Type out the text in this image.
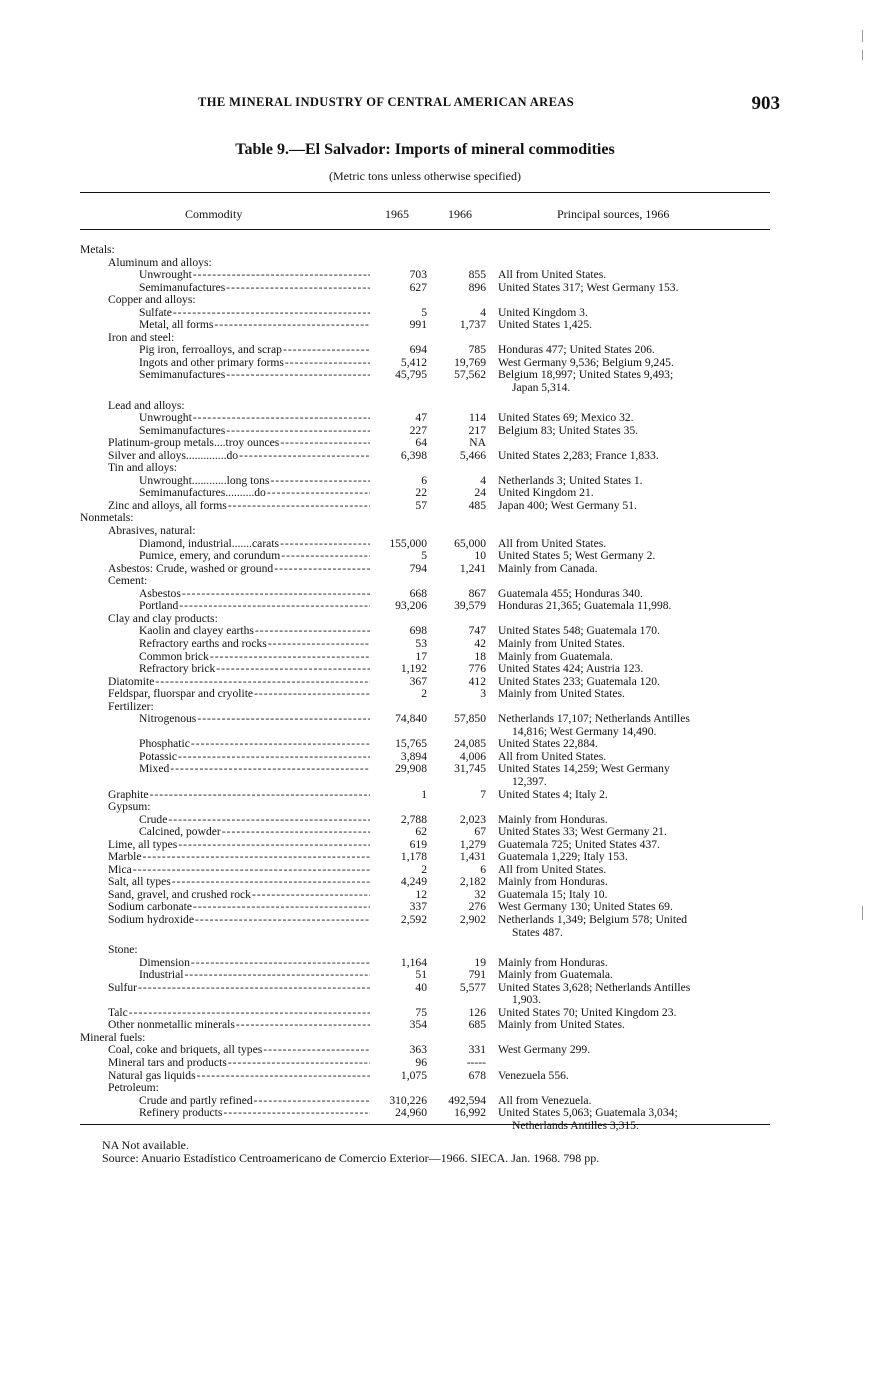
THE MINERAL INDUSTRY OF CENTRAL AMERICAN AREAS	903
Table 9.—El Salvador: Imports of mineral commodities
(Metric tons unless otherwise specified)
Commodity	1965	1966	Principal sources, 1966
Metals:
Aluminum and alloys:
Unwrought -----	703	855 All from United States.
Semimanufactures -----	627	896 United States 317; West Germany 153.
Copper and alloys:
Sulfate -----	5	4 United Kingdom 3.
Metal, all forms -----	991	1,737 United States 1,425.
Iron and steel:
Pig iron, ferroalloys, and scrap -----	694	785 Honduras 477; United States 206.
Ingots and other primary forms -----	5,412 19,769 West Germany 9,536; Belgium 9,245.
Semimanufactures -----	45,795 57,562 Belgium 18,997; United States 9,493;
Japan 5,314.
Lead and alloys:
Unwrought -----	47	114 United States 69; Mexico 32.
Semimanufactures -----	227	217 Belgium 83; United States 35.
Platinum-group metals....troy ounces -----	64	NA
Silver and alloys..............do -----	6,398	5,466 United States 2,283; France 1,833.
Tin and alloys:
Unwrought............long tons -----	6	4 Netherlands 3; United States 1.
Semimanufactures..........do -----	22	24 United Kingdom 21.
Zinc and alloys, all forms -----	57	485 Japan 400; West Germany 51.
Nonmetals:
Abrasives, natural:
Diamond, industrial.......carats -----	155,000 65,000 All from United States.
Pumice, emery, and corundum -----	5	10 United States 5; West Germany 2.
Asbestos: Crude, washed or ground -----	794	1,241 Mainly from Canada.
Cement:
Asbestos -----	668	867 Guatemala 455; Honduras 340.
Portland -----	93,206 39,579 Honduras 21,365; Guatemala 11,998.
Clay and clay products:
Kaolin and clayey earths -----	698	747 United States 548; Guatemala 170.
Refractory earths and rocks -----	53	42 Mainly from United States.
Common brick -----	17	18 Mainly from Guatemala.
Refractory brick -----	1,192	776 United States 424; Austria 123.
Diatomite -----	367	412 United States 233; Guatemala 120.
Feldspar, fluorspar and cryolite -----	2	3 Mainly from United States.
Fertilizer:
Nitrogenous -----	74,840 57,850 Netherlands 17,107; Netherlands Antilles
14,816; West Germany 14,490.
Phosphatic -----	15,765 24,085 United States 22,884.
Potassic -----	3,894	4,006 All from United States.
Mixed -----	29,908 31,745 United States 14,259; West Germany
12,397.
Graphite -----	1	7 United States 4; Italy 2.
Gypsum:
Crude -----	2,788	2,023 Mainly from Honduras.
Calcined, powder -----	62	67 United States 33; West Germany 21.
Lime, all types -----	619	1,279 Guatemala 725; United States 437.
Marble -----	1,178	1,431 Guatemala 1,229; Italy 153.
Mica -----	2	6 All from United States.
Salt, all types -----	4,249	2,182 Mainly from Honduras.
Sand, gravel, and crushed rock -----	12	32 Guatemala 15; Italy 10.
Sodium carbonate -----	337	276 West Germany 130; United States 69.
Sodium hydroxide -----	2,592	2,902 Netherlands 1,349; Belgium 578; United
States 487.
Stone:
Dimension -----	1,164	19 Mainly from Honduras.
Industrial -----	51	791 Mainly from Guatemala.
Sulfur -----	40	5,577 United States 3,628; Netherlands Antilles
1,903.
Talc -----	75	126 United States 70; United Kingdom 23.
Other nonmetallic minerals -----	354	685 Mainly from United States.
Mineral fuels:
Coal, coke and briquets, all types -----	363	331 West Germany 299.
Mineral tars and products -----	96	-----
Natural gas liquids -----	1,075	678 Venezuela 556.
Petroleum:
Crude and partly refined -----	310,226 492,594 All from Venezuela.
Refinery products -----	24,960 16,992 United States 5,063; Guatemala 3,034;
Netherlands Antilles 3,315.
NA Not available.
Source: Anuario Estadístico Centroamericano de Comercio Exterior—1966. SIECA. Jan. 1968. 798 pp.
